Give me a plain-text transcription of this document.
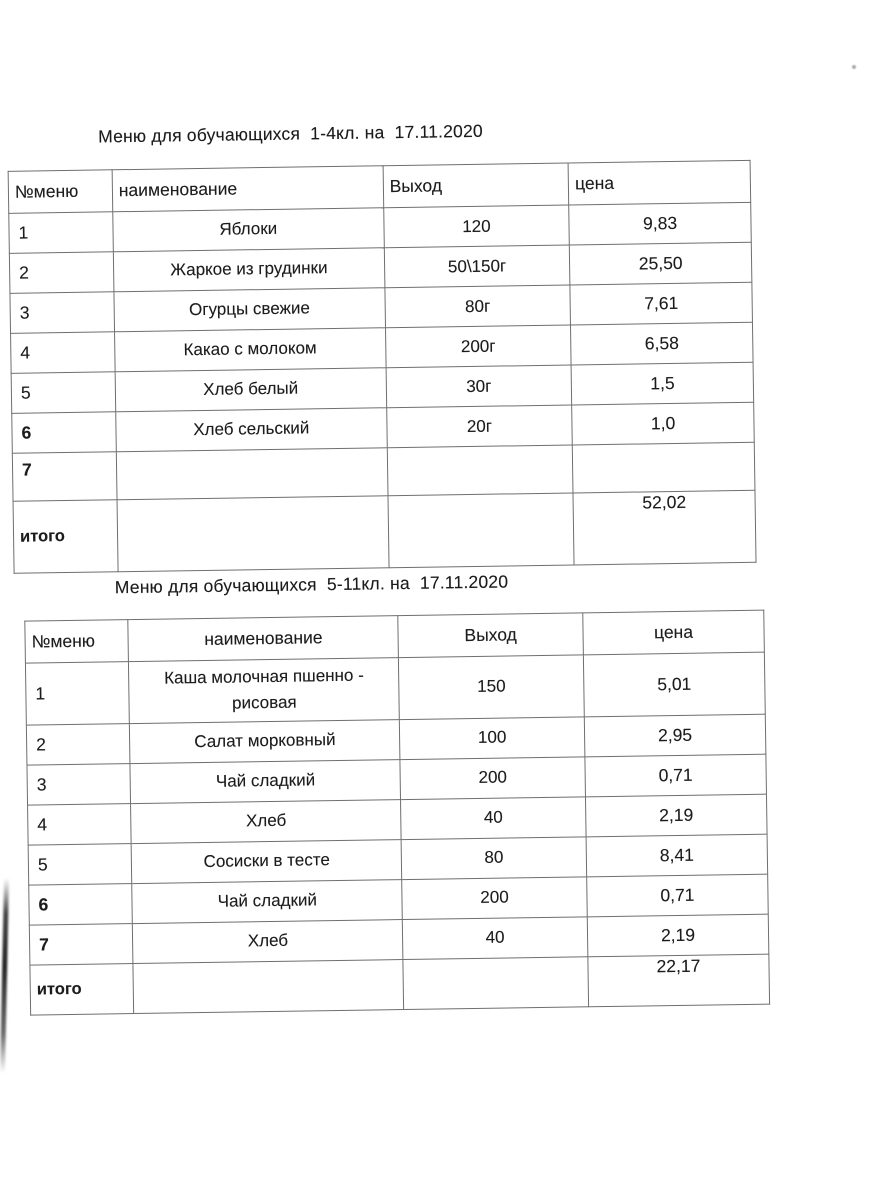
Меню для обучающихся  1-4кл. на  17.11.2020
№меню	наименование	Выход	цена
1	Яблоки	120	9,83
2	Жаркое из грудинки	50\150г	25,50
3	Огурцы свежие	80г	7,61
4	Какао с молоком	200г	6,58
5	Хлеб белый	30г	1,5
6	Хлеб сельский	20г	1,0
7			
итого			52,02
Меню для обучающихся  5-11кл. на  17.11.2020
№меню	наименование	Выход	цена
1	Каша молочная пшенно - рисовая	150	5,01
2	Салат морковный	100	2,95
3	Чай сладкий	200	0,71
4	Хлеб	40	2,19
5	Сосиски в тесте	80	8,41
6	Чай сладкий	200	0,71
7	Хлеб	40	2,19
итого			22,17
